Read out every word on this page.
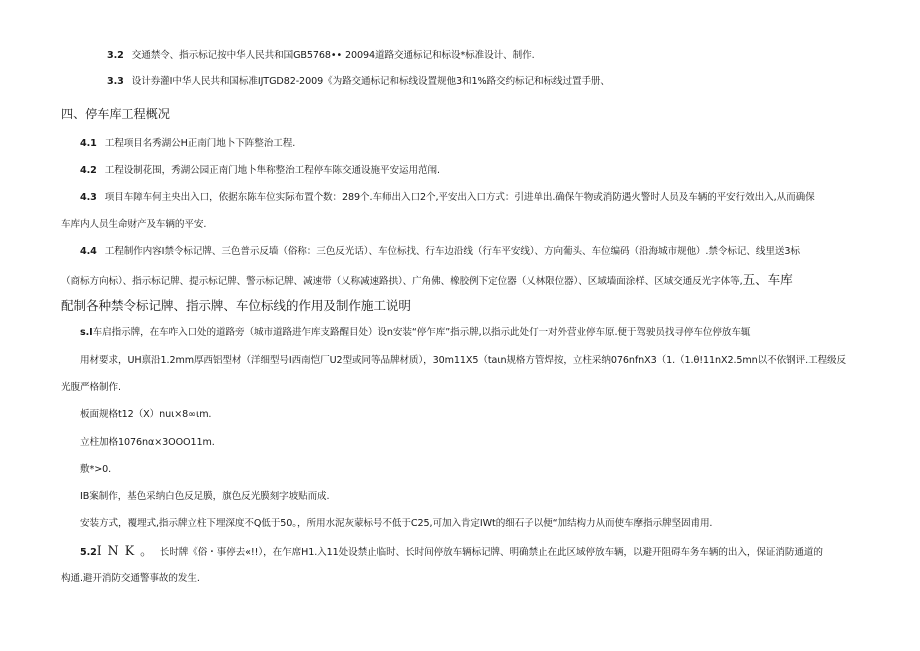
3.2 交通禁令、指示标记按中华人民共和国GB5768•• 20094道路交通标记和标设*标准设计、制作.
3.3 设计券灌I中华人民共和国标准IJTGD82-2009《为路交通标记和标线设置规他3和1%路交约标记和标线过置手册、
四、停车库工程概况
4.1 工程项目名秀湖公H正南门地卜下阵整治工程.
4.2 工程设制花围，秀湖公园正南门地卜隼称整治工程停车陈交通设施平安运用范闱.
4.3 项目车障车何主央出入口，依据东陈车位实际布置个数：289个.车师出入口2个,平安出入口方式：引进单出.确保午物或消防遇火警时人员及车辆的平安行效出入,从而确保
车库内人员生命财产及车辆的平安.
4.4 工程制作内容I禁令标记牌、三色普示反墙（俗称：三色反光话）、车位标找、行车边沿线（行车平安线）、方向葡头、车位编码（沿海城市规他）.禁令标记、线里送3标
（商标方向标）、指示标记牌、提示标记牌、警示标记牌、减速带（乂称减速路拱）、广角佛、橡胶例下定位器（乂林限位器）、区域墙面涂样、区域交通反光字体等,五、车库
配制各种禁令标记牌、指示牌、车位标线的作用及制作施工说明
s.I车启指示牌，在车咋入口处的道路旁（城市道路进乍库支路醒目处）设n安装“停乍库”指示牌,以指示此处仃一对外营业停车原.便于驾驶员找寻停车位停放车辄
用材要求，UH禀沿1.2mm厚西铝型材（洋细型号I西南恺厂U2型或同等品牌材质），30m11X5（taιn规格方管焊按，立柱采纳076nfnX3（1.（1.θ!11nX2.5mn以不依钢评.工程级反
光腹严格制作.
板面规格t12（X）nuι×8∞ιm.
立柱加格1076nα×3OOO11m.
敷*>0.
IB案制作，基色采纳白色反足膜，旗色反光膜刻字坡贴而成.
安装方式，覆埋式,指示牌立柱下埋深度不Q低于50。，所用水泥灰蒙标号不低于C25,可加入肯定IWt的细石子以便“加结构力从而使车摩指示牌坚固甫用.
5.2I N K 。 长时牌《俗・事停去«!!），在乍席H1.入11处设禁止临时、长时间停放车辆标记牌、明确禁止在此区域停放车辆，以避开阻碍车务车辆的出入，保证消防通道的
构通.避开消防交通警事故的发生.
